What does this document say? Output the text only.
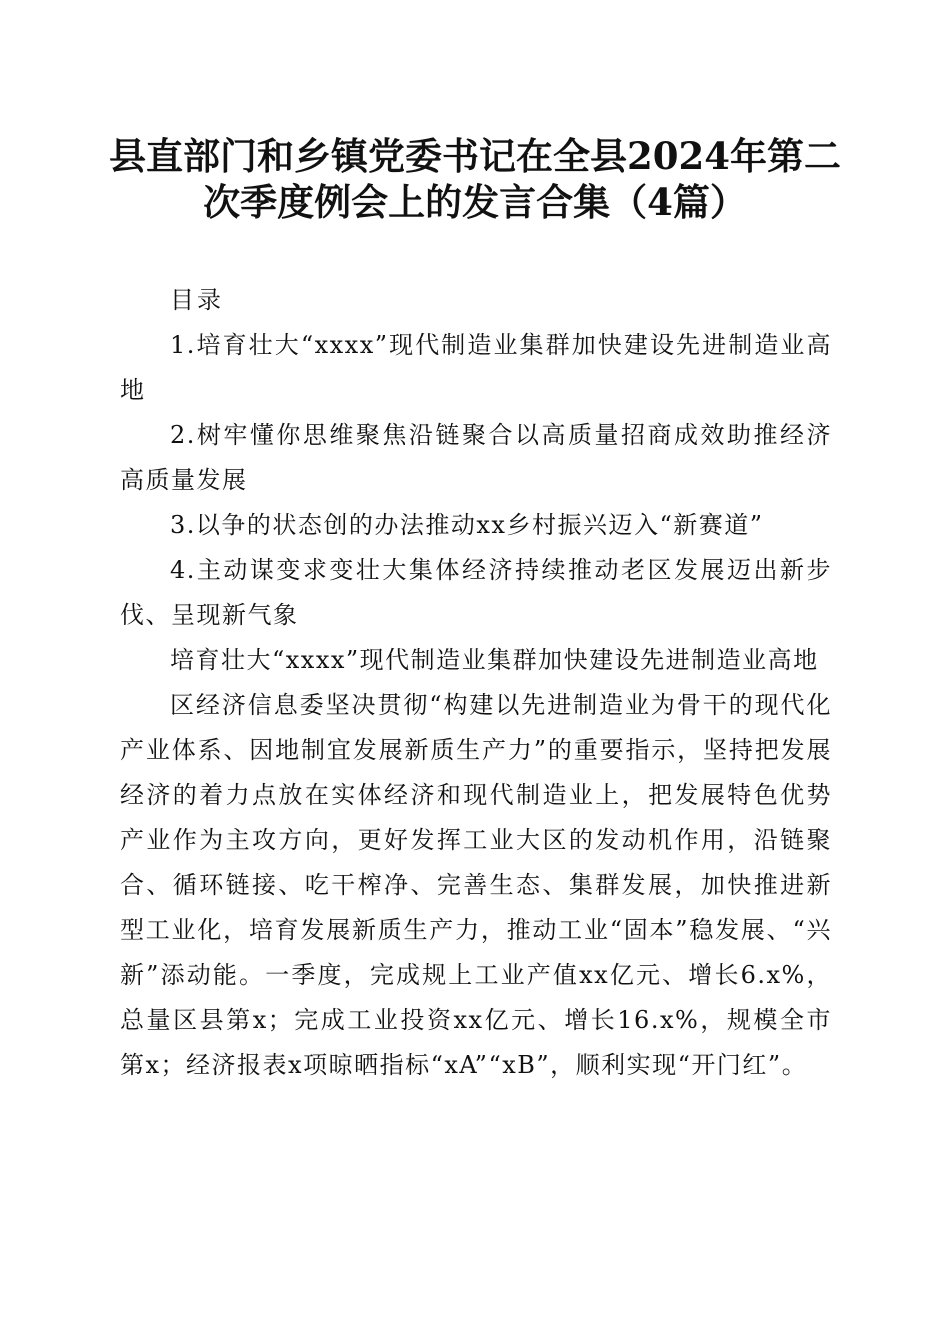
县直部门和乡镇党委书记在全县2024年第二
次季度例会上的发言合集（4篇）

目录

1.培育壮大“xxxx”现代制造业集群加快建设先进制造业高地

2.树牢懂你思维聚焦沿链聚合以高质量招商成效助推经济高质量发展

3.以争的状态创的办法推动xx乡村振兴迈入“新赛道”

4.主动谋变求变壮大集体经济持续推动老区发展迈出新步伐、呈现新气象

培育壮大“xxxx”现代制造业集群加快建设先进制造业高地

区经济信息委坚决贯彻“构建以先进制造业为骨干的现代化产业体系、因地制宜发展新质生产力”的重要指示，坚持把发展经济的着力点放在实体经济和现代制造业上，把发展特色优势产业作为主攻方向，更好发挥工业大区的发动机作用，沿链聚合、循环链接、吃干榨净、完善生态、集群发展，加快推进新型工业化，培育发展新质生产力，推动工业“固本”稳发展、“兴新”添动能。一季度，完成规上工业产值xx亿元、增长6.x%，总量区县第x；完成工业投资xx亿元、增长16.x%，规模全市第x；经济报表x项晾晒指标“xA”“xB”，顺利实现“开门红”。
